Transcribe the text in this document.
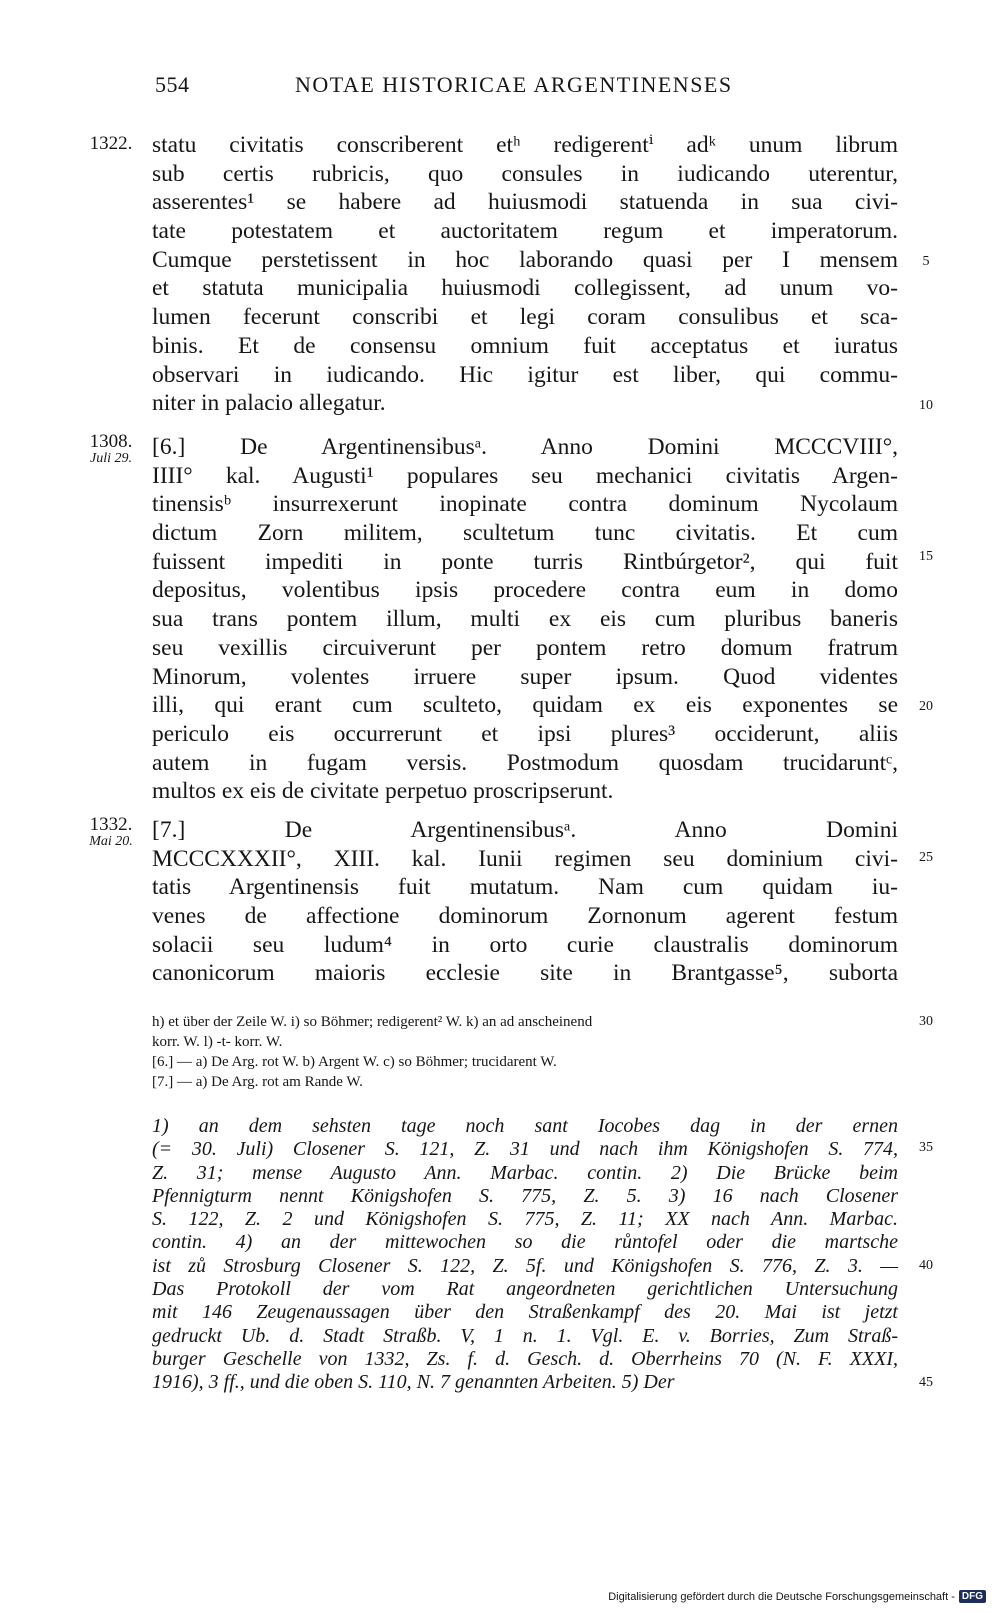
554	NOTAE HISTORICAE ARGENTINENSES
1322.
1308.
Juli 29.
1332.
Mai 20.
5
10
15
20
25
30
35
40
45
statu civitatis conscriberent etʰ redigerentⁱ adᵏ unum librum
sub certis rubricis, quo consules in iudicando uterentur,
asserentes¹ se habere ad huiusmodi statuenda in sua civi-
tate potestatem et auctoritatem regum et imperatorum.
Cumque perstetissent in hoc laborando quasi per I mensem
et statuta municipalia huiusmodi collegissent, ad unum vo-
lumen fecerunt conscribi et legi coram consulibus et sca-
binis. Et de consensu omnium fuit acceptatus et iuratus
observari in iudicando. Hic igitur est liber, qui commu-
niter in palacio allegatur.
[6.] De Argentinensibusᵃ. Anno Domini MCCCVIII°,
IIII° kal. Augusti¹ populares seu mechanici civitatis Argen-
tinensisᵇ insurrexerunt inopinate contra dominum Nycolaum
dictum Zorn militem, scultetum tunc civitatis. Et cum
fuissent impediti in ponte turris Rintbúrgetor², qui fuit
depositus, volentibus ipsis procedere contra eum in domo
sua trans pontem illum, multi ex eis cum pluribus baneris
seu vexillis circuiverunt per pontem retro domum fratrum
Minorum, volentes irruere super ipsum. Quod videntes
illi, qui erant cum sculteto, quidam ex eis exponentes se
periculo eis occurrerunt et ipsi plures³ occiderunt, aliis
autem in fugam versis. Postmodum quosdam trucidaruntᶜ,
multos ex eis de civitate perpetuo proscripserunt.
[7.] De Argentinensibusᵃ. Anno Domini
MCCCXXXII°, XIII. kal. Iunii regimen seu dominium civi-
tatis Argentinensis fuit mutatum. Nam cum quidam iu-
venes de affectione dominorum Zornonum agerent festum
solacii seu ludum⁴ in orto curie claustralis dominorum
canonicorum maioris ecclesie site in Brantgasse⁵, suborta
h) et über der Zeile W. i) so Böhmer; redigerent² W. k) an ad anscheinend
korr. W. l) -t- korr. W.
[6.] — a) De Arg. rot W. b) Argent W. c) so Böhmer; trucidarent W.
[7.] — a) De Arg. rot am Rande W.
1) an dem sehsten tage noch sant Iocobes dag in der ernen
(= 30. Juli) Closener S. 121, Z. 31 und nach ihm Königshofen S. 774,
Z. 31; mense Augusto Ann. Marbac. contin. 2) Die Brücke beim
Pfennigturm nennt Königshofen S. 775, Z. 5. 3) 16 nach Closener
S. 122, Z. 2 und Königshofen S. 775, Z. 11; XX nach Ann. Marbac.
contin. 4) an der mittewochen so die růntofel oder die martsche
ist zů Strosburg Closener S. 122, Z. 5f. und Königshofen S. 776, Z. 3. —
Das Protokoll der vom Rat angeordneten gerichtlichen Untersuchung
mit 146 Zeugenaussagen über den Straßenkampf des 20. Mai ist jetzt
gedruckt Ub. d. Stadt Straßb. V, 1 n. 1. Vgl. E. v. Borries, Zum Straß-
burger Geschelle von 1332, Zs. f. d. Gesch. d. Oberrheins 70 (N. F. XXXI,
1916), 3 ff., und die oben S. 110, N. 7 genannten Arbeiten. 5) Der
Digitalisierung gefördert durch die Deutsche Forschungsgemeinschaft - DFG
